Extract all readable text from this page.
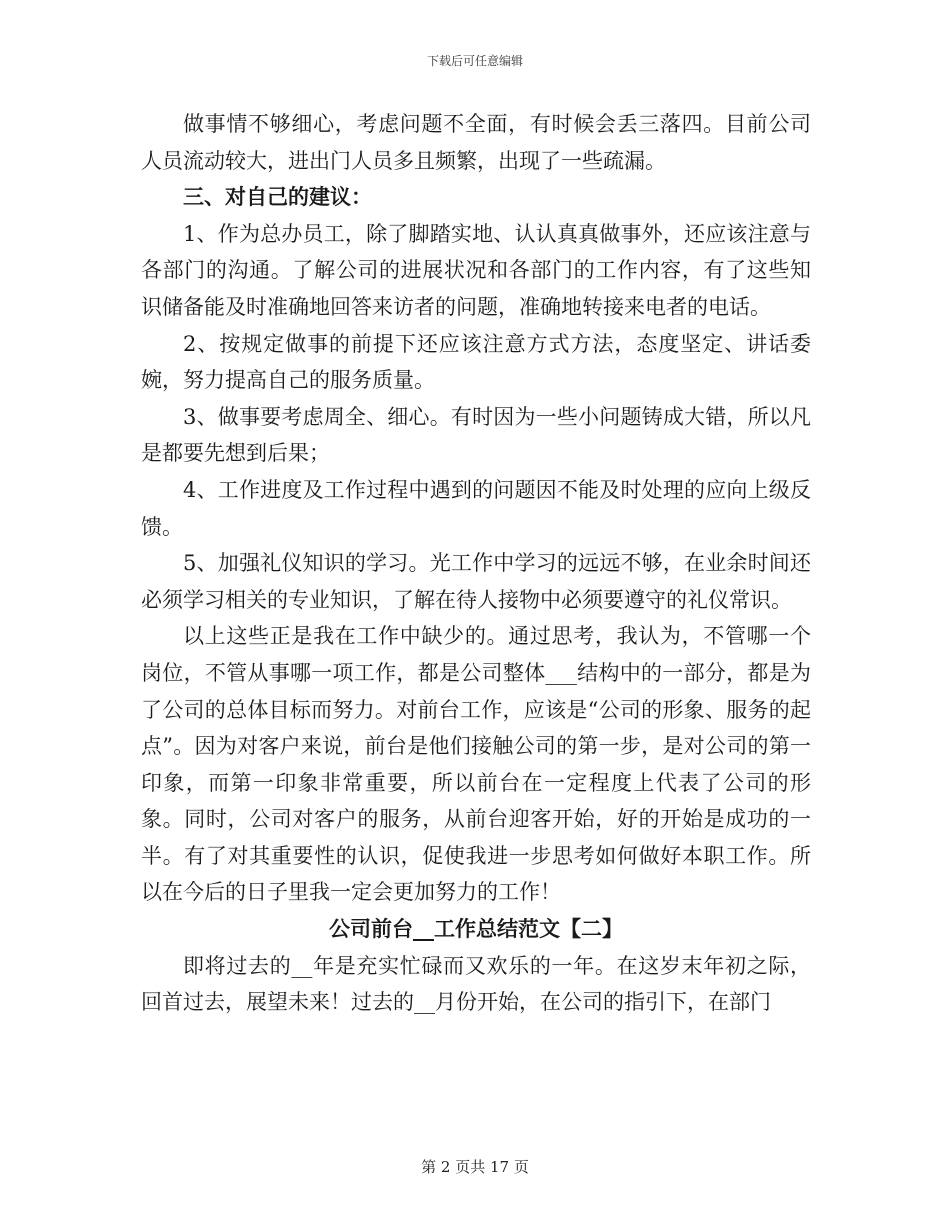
下载后可任意编辑

做事情不够细心，考虑问题不全面，有时候会丢三落四。目前公司人员流动较大，进出门人员多且频繁，出现了一些疏漏。

三、对自己的建议：

1、作为总办员工，除了脚踏实地、认认真真做事外，还应该注意与各部门的沟通。了解公司的进展状况和各部门的工作内容，有了这些知识储备能及时准确地回答来访者的问题，准确地转接来电者的电话。

2、按规定做事的前提下还应该注意方式方法，态度坚定、讲话委婉，努力提高自己的服务质量。

3、做事要考虑周全、细心。有时因为一些小问题铸成大错，所以凡是都要先想到后果；

4、工作进度及工作过程中遇到的问题因不能及时处理的应向上级反馈。

5、加强礼仪知识的学习。光工作中学习的远远不够，在业余时间还必须学习相关的专业知识，了解在待人接物中必须要遵守的礼仪常识。

以上这些正是我在工作中缺少的。通过思考，我认为，不管哪一个岗位，不管从事哪一项工作，都是公司整体___结构中的一部分，都是为了公司的总体目标而努力。对前台工作，应该是“公司的形象、服务的起点”。因为对客户来说，前台是他们接触公司的第一步，是对公司的第一印象，而第一印象非常重要，所以前台在一定程度上代表了公司的形象。同时，公司对客户的服务，从前台迎客开始，好的开始是成功的一半。有了对其重要性的认识，促使我进一步思考如何做好本职工作。所以在今后的日子里我一定会更加努力的工作！

公司前台__工作总结范文【二】

即将过去的__年是充实忙碌而又欢乐的一年。在这岁末年初之际，回首过去，展望未来！过去的__月份开始，在公司的指引下，在部门

第 2 页共 17 页
